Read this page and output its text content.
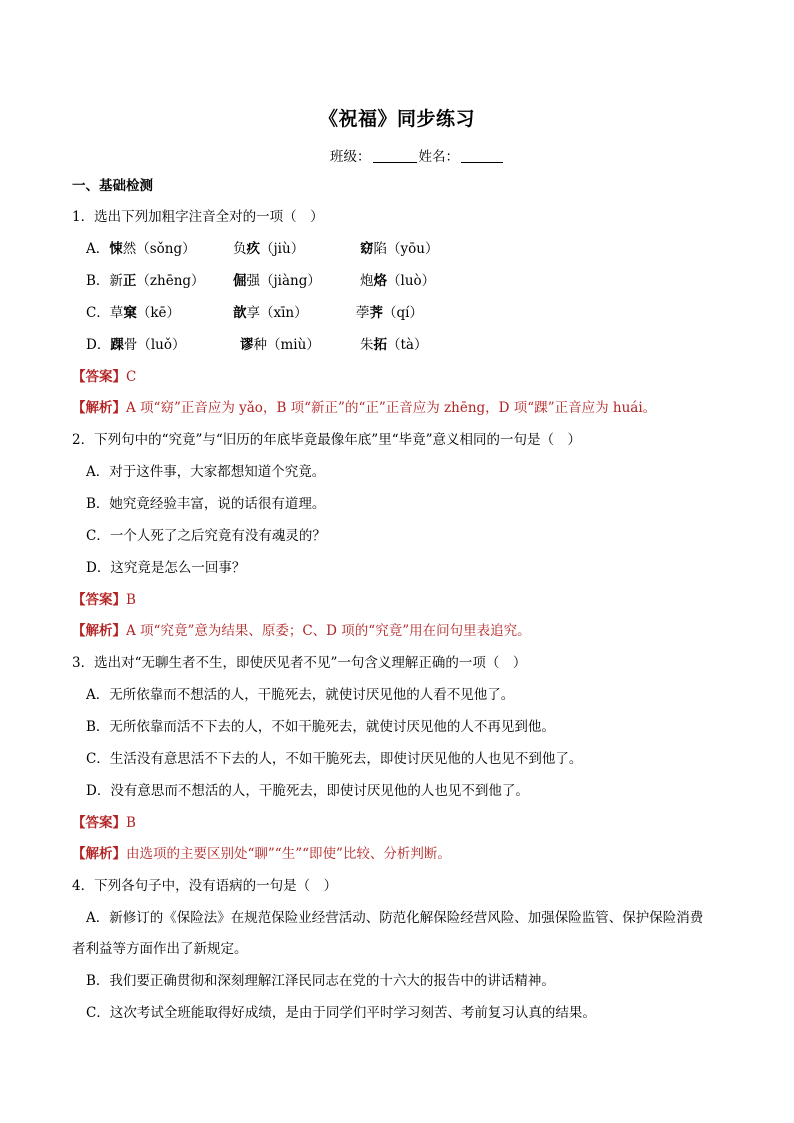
《祝福》同步练习
班级：	姓名：
一、基础检测
1．选出下列加粗字注音全对的一项（　）
A．悚然（sǒng）	负疚（jiù）	窈陷（yōu）
B．新正（zhēng） 倔强（jiàng）	炮烙（luò）
C．草窠（kē）	歆享（xīn）	荸荠（qí）
D．踝骨（luǒ）	谬种（miù）	朱拓（tà）
【答案】C
【解析】A 项“窈”正音应为 yǎo，B 项“新正”的“正”正音应为 zhēng，D 项“踝”正音应为 huái。
2．下列句中的“究竟”与“旧历的年底毕竟最像年底”里“毕竟”意义相同的一句是（　）
A．对于这件事，大家都想知道个究竟。
B．她究竟经验丰富，说的话很有道理。
C．一个人死了之后究竟有没有魂灵的？
D．这究竟是怎么一回事？
【答案】B
【解析】A 项“究竟”意为结果、原委；C、D 项的“究竟”用在问句里表追究。
3．选出对“无聊生者不生，即使厌见者不见”一句含义理解正确的一项（　）
A．无所依靠而不想活的人，干脆死去，就使讨厌见他的人看不见他了。
B．无所依靠而活不下去的人，不如干脆死去，就使讨厌见他的人不再见到他。
C．生活没有意思活不下去的人，不如干脆死去，即使讨厌见他的人也见不到他了。
D．没有意思而不想活的人，干脆死去，即使讨厌见他的人也见不到他了。
【答案】B
【解析】由选项的主要区别处“聊”“生”“即使”比较、分析判断。
4．下列各句子中，没有语病的一句是（　）
A．新修订的《保险法》在规范保险业经营活动、防范化解保险经营风险、加强保险监管、保护保险消费
者利益等方面作出了新规定。
B．我们要正确贯彻和深刻理解江泽民同志在党的十六大的报告中的讲话精神。
C．这次考试全班能取得好成绩，是由于同学们平时学习刻苦、考前复习认真的结果。
